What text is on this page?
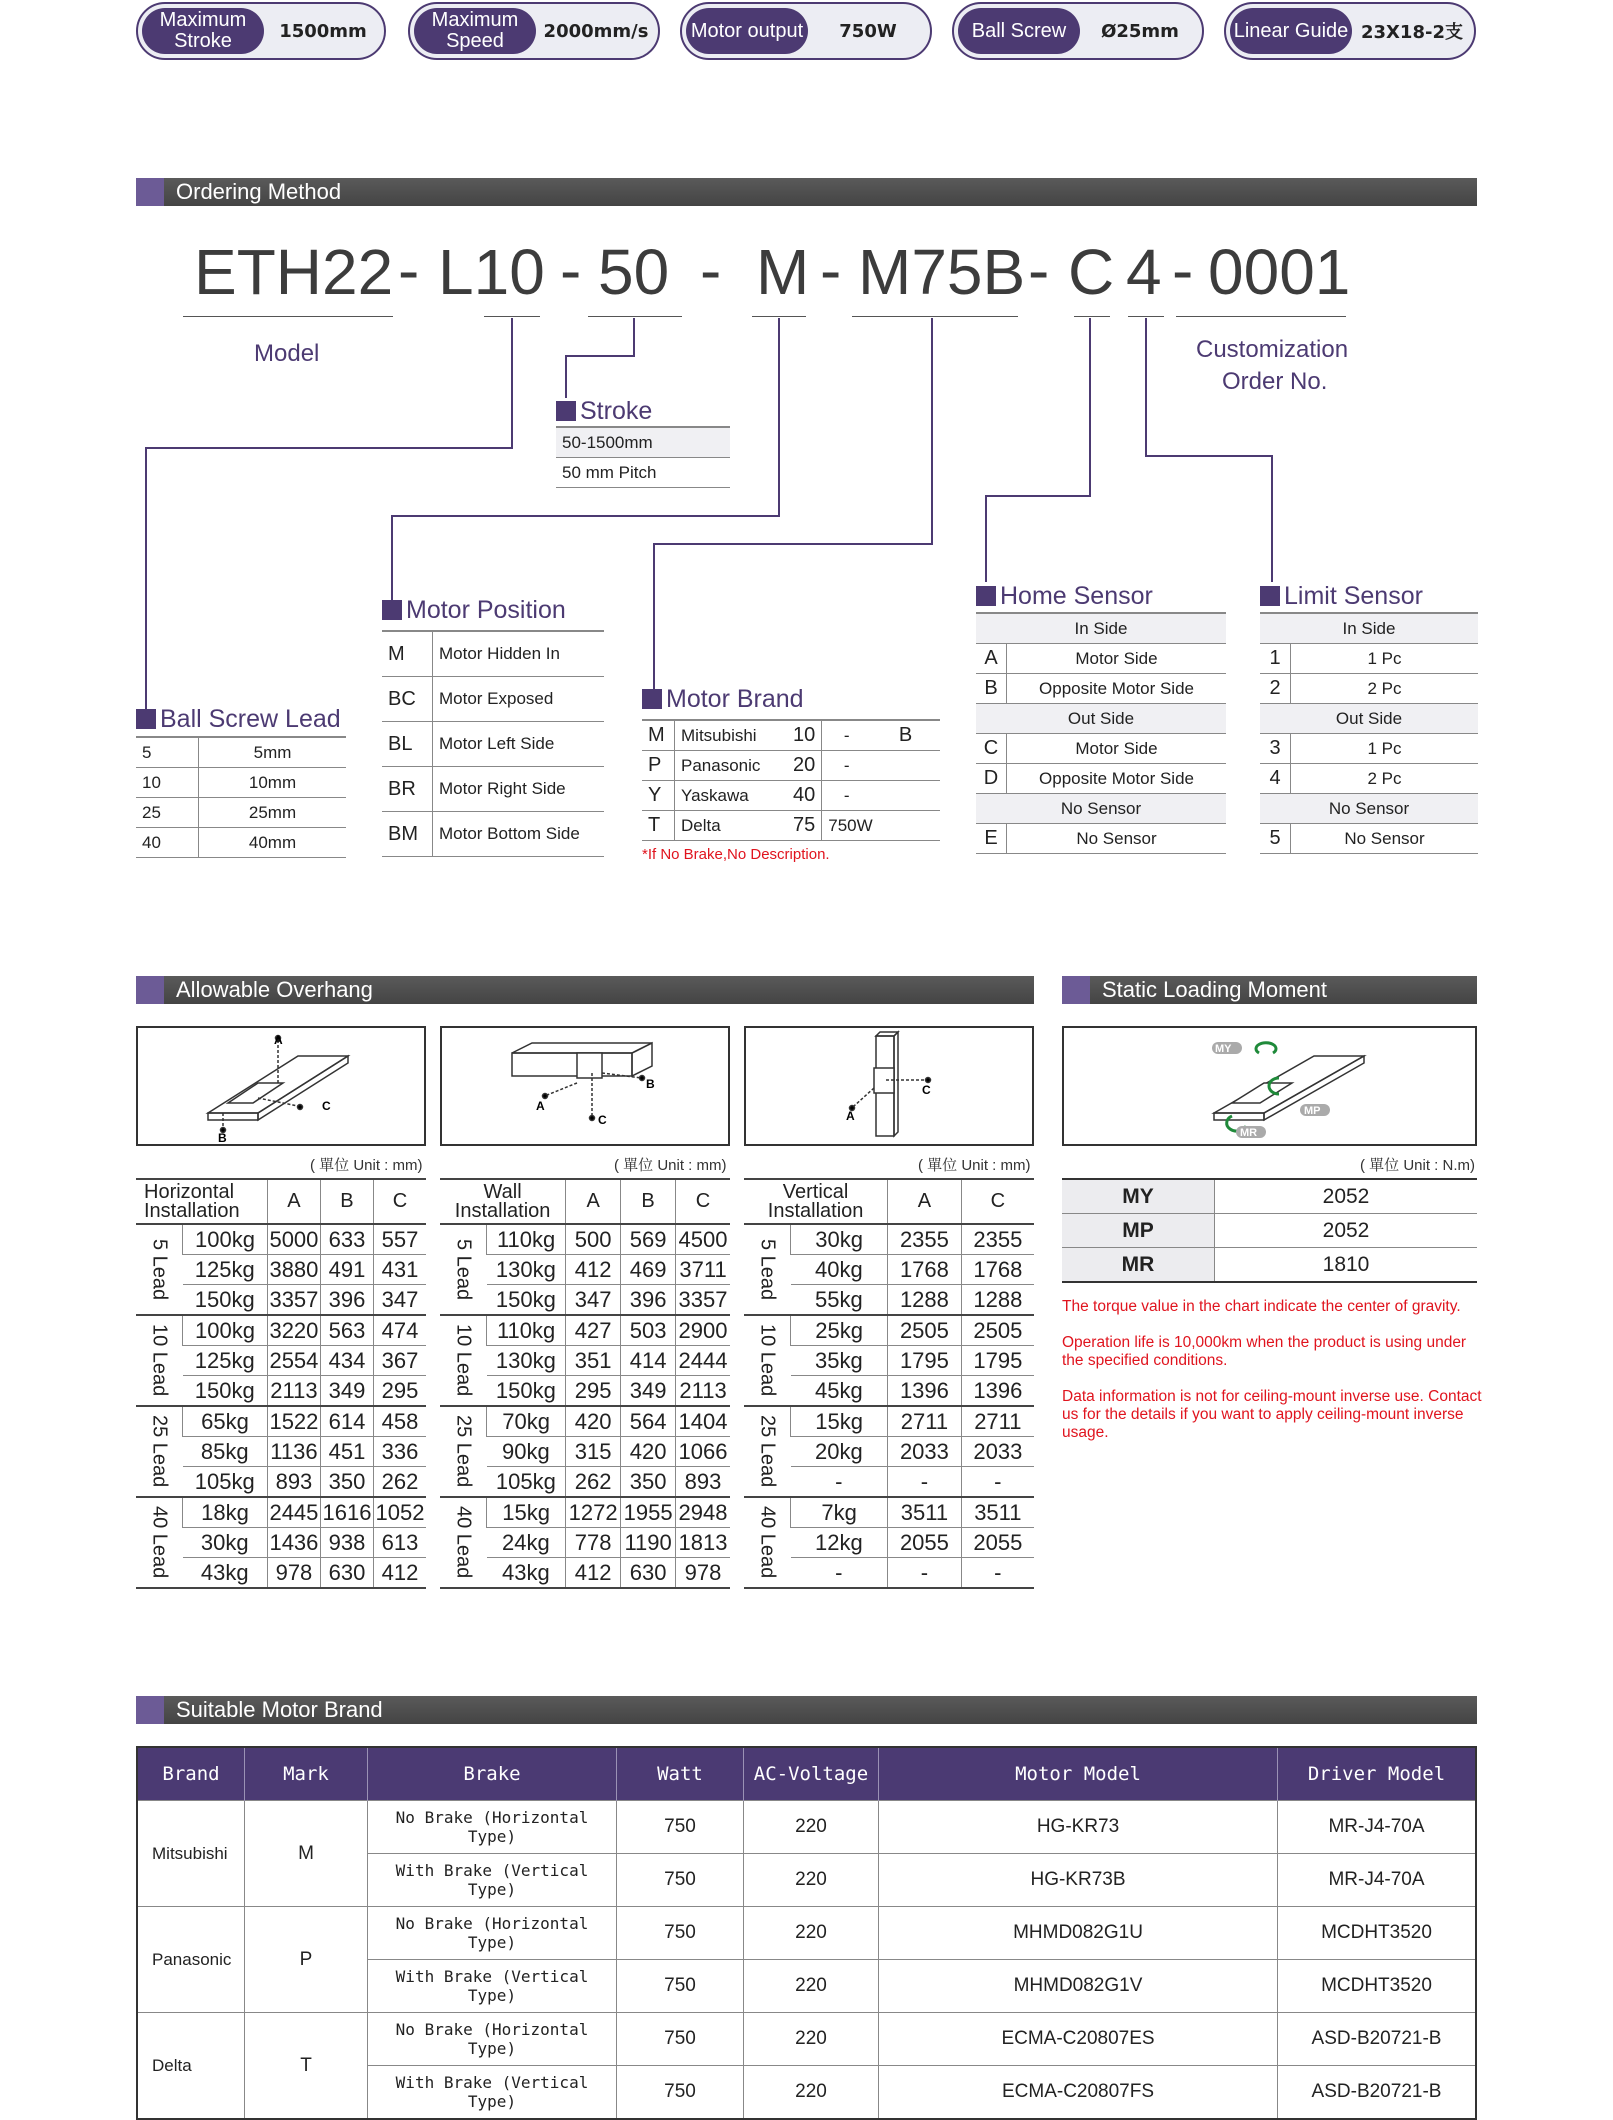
Maximum Stroke	1500mm	Maximum Speed	2000mm/s Motor output	750W	Ball Screw	Ø25mm	Linear Guide 23X18-2支
Ordering Method
ETH22 - L10 - 50 - M - M75B - C 4 - 0001
Model	Customization
Order No.
Stroke
50-1500mm
50 mm Pitch
Ball Screw Lead
5	5mm
10	10mm
25	25mm
40	40mm
Motor Position
M	Motor Hidden In
BC	Motor Exposed
BL	Motor Left Side
BR	Motor Right Side
BM	Motor Bottom Side
Motor Brand
M	Mitsubishi	10	-	B
P	Panasonic	20	-	
Y	Yaskawa	40	-	
T	Delta	75	750W	
*If No Brake,No Description.
Home Sensor
In Side	
A	Motor Side
B	Opposite Motor Side
Out Side	
C	Motor Side
D	Opposite Motor Side
No Sensor	
E	No Sensor
Limit Sensor
In Side	
1	1 Pc
2	2 Pc
Out Side	
3	1 Pc
4	2 Pc
No Sensor	
5	No Sensor
Allowable Overhang	Static Loading Moment
A
B
C	A
B
C	A
C
( 單位 Unit : mm)	( 單位 Unit : mm)	( 單位 Unit : mm)
Horizontal
Installation		A	B	C

5 Lead	100kg	5000	633	557
	125kg	3880	491	431
	150kg	3357	396	347

10 Lead	100kg	3220	563	474
	125kg	2554	434	367
	150kg	2113	349	295

25 Lead	65kg	1522	614	458
	85kg	1136	451	336
	105kg	893	350	262

40 Lead	18kg	2445	1616	1052
	30kg	1436	938	613
	43kg	978	630	412
Wall
Installation		A	B	C

5 Lead	110kg	500	569	4500
	130kg	412	469	3711
	150kg	347	396	3357

10 Lead	110kg	427	503	2900
	130kg	351	414	2444
	150kg	295	349	2113

25 Lead	70kg	420	564	1404
	90kg	315	420	1066
	105kg	262	350	893

40 Lead	15kg	1272	1955	2948
	24kg	778	1190	1813
	43kg	412	630	978
Vertical
Installation		A	C

5 Lead	30kg	2355	2355
	40kg	1768	1768
	55kg	1288	1288

10 Lead	25kg	2505	2505
	35kg	1795	1795
	45kg	1396	1396

25 Lead	15kg	2711	2711
	20kg	2033	2033
	-	-	-

40 Lead	7kg	3511	3511
	12kg	2055	2055
	-	-	-
MY
MP
MR
( 單位 Unit : N.m)
MY	2052
MP	2052
MR	1810
The torque value in the chart indicate the center of gravity.
Operation life is 10,000km when the product is using under the specified conditions.
Data information is not for ceiling-mount inverse use. Contact us for the details if you want to apply ceiling-mount inverse usage.
Suitable Motor Brand
Brand	Mark	Brake	Watt	AC-Voltage	Motor Model	Driver Model
Mitsubishi	M	No Brake (Horizontal Type)	750	220	HG-KR73	MR-J4-70A
		With Brake (Vertical Type)	750	220	HG-KR73B	MR-J4-70A
Panasonic	P	No Brake (Horizontal Type)	750	220	MHMD082G1U	MCDHT3520
		With Brake (Vertical Type)	750	220	MHMD082G1V	MCDHT3520
Delta	T	No Brake (Horizontal Type)	750	220	ECMA-C20807ES	ASD-B20721-B
		With Brake (Vertical Type)	750	220	ECMA-C20807FS	ASD-B20721-B
